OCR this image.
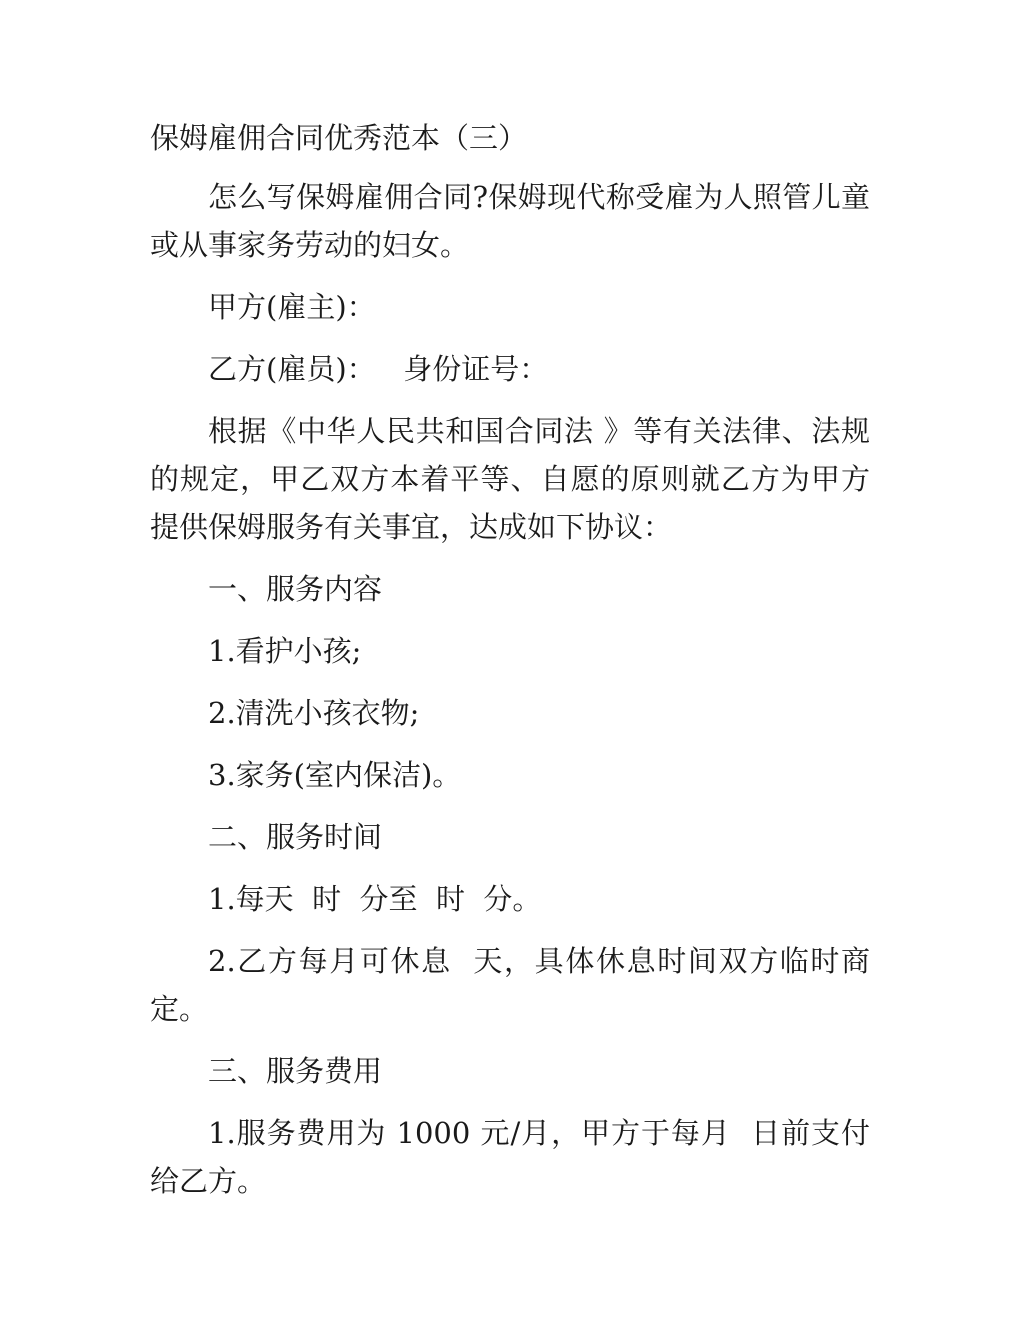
保姆雇佣合同优秀范本（三）

怎么写保姆雇佣合同?保姆现代称受雇为人照管儿童或从事家务劳动的妇女。

甲方(雇主)：

乙方(雇员)：   身份证号：

根据《中华人民共和国合同法 》等有关法律、法规的规定，甲乙双方本着平等、自愿的原则就乙方为甲方提供保姆服务有关事宜，达成如下协议：

一、服务内容

1.看护小孩;

2.清洗小孩衣物;

3.家务(室内保洁)。

二、服务时间

1.每天  时  分至  时  分。

2.乙方每月可休息  天，具体休息时间双方临时商定。

三、服务费用

1.服务费用为 1000 元/月，甲方于每月  日前支付给乙方。
